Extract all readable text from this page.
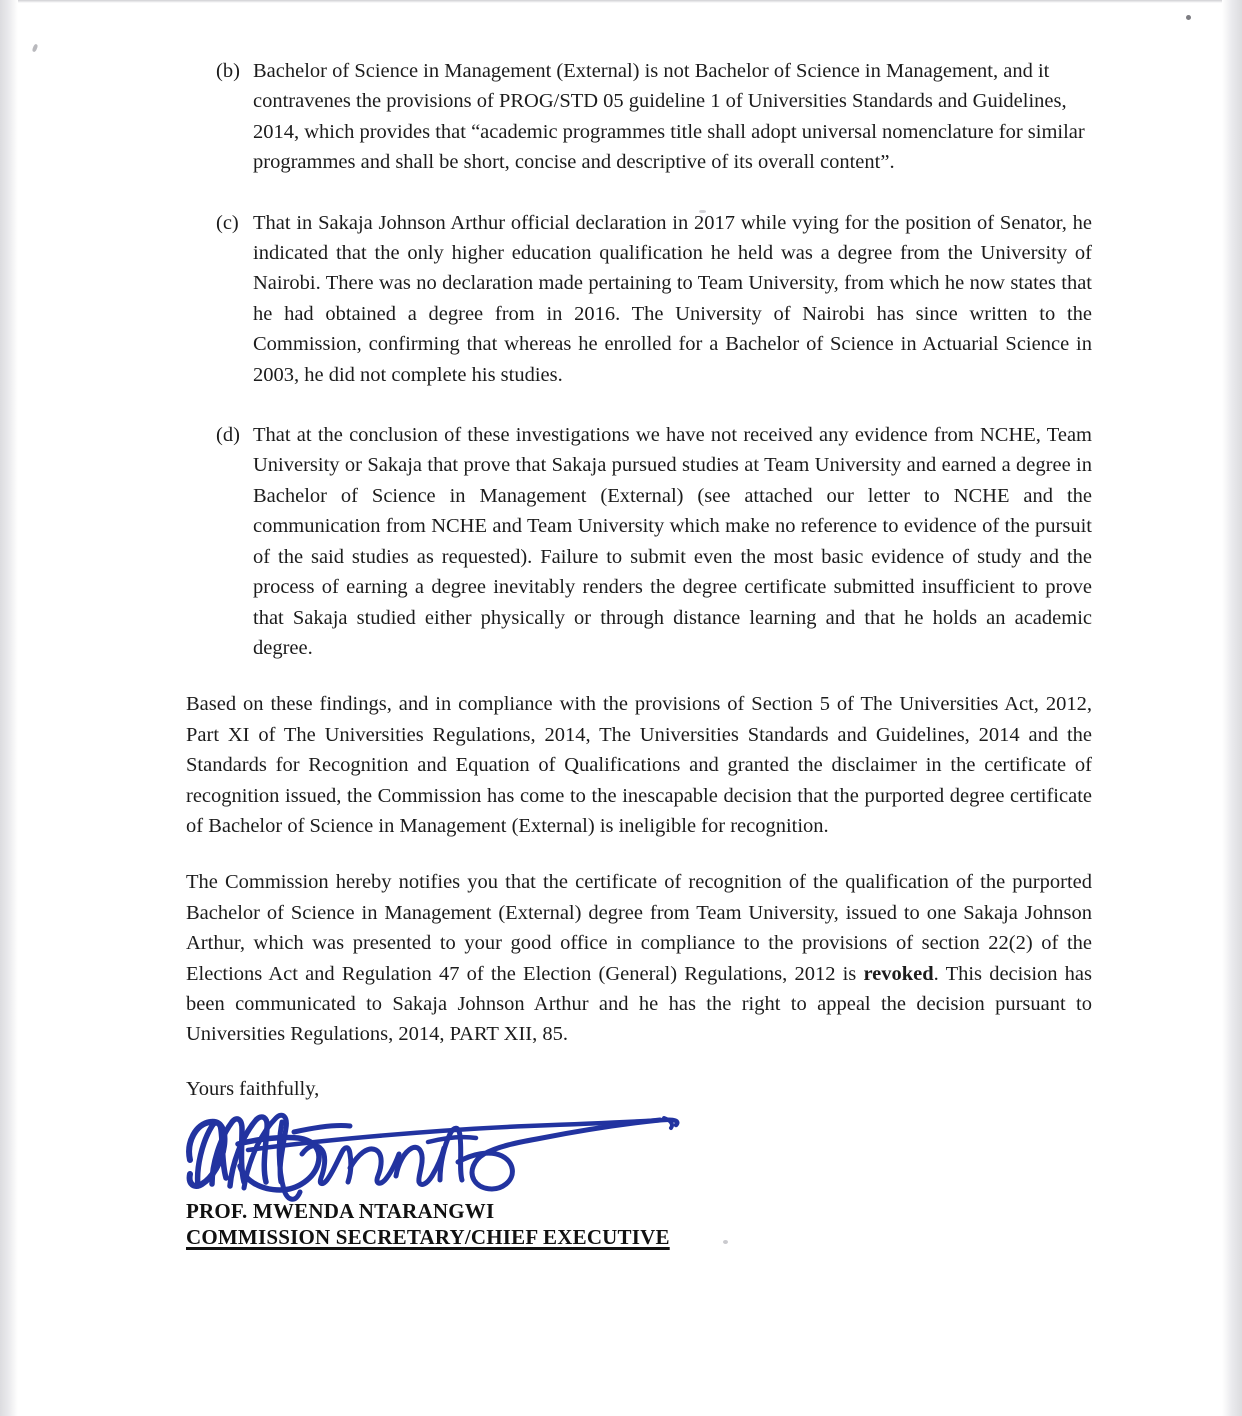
(b) Bachelor of Science in Management (External) is not Bachelor of Science in Management, and it contravenes the provisions of PROG/STD 05 guideline 1 of Universities Standards and Guidelines, 2014, which provides that “academic programmes title shall adopt universal nomenclature for similar programmes and shall be short, concise and descriptive of its overall content”.
(c) That in Sakaja Johnson Arthur official declaration in 2017 while vying for the position of Senator, he indicated that the only higher education qualification he held was a degree from the University of Nairobi. There was no declaration made pertaining to Team University, from which he now states that he had obtained a degree from in 2016. The University of Nairobi has since written to the Commission, confirming that whereas he enrolled for a Bachelor of Science in Actuarial Science in 2003, he did not complete his studies.
(d) That at the conclusion of these investigations we have not received any evidence from NCHE, Team University or Sakaja that prove that Sakaja pursued studies at Team University and earned a degree in Bachelor of Science in Management (External) (see attached our letter to NCHE and the communication from NCHE and Team University which make no reference to evidence of the pursuit of the said studies as requested). Failure to submit even the most basic evidence of study and the process of earning a degree inevitably renders the degree certificate submitted insufficient to prove that Sakaja studied either physically or through distance learning and that he holds an academic degree.

Based on these findings, and in compliance with the provisions of Section 5 of The Universities Act, 2012, Part XI of The Universities Regulations, 2014, The Universities Standards and Guidelines, 2014 and the Standards for Recognition and Equation of Qualifications and granted the disclaimer in the certificate of recognition issued, the Commission has come to the inescapable decision that the purported degree certificate of Bachelor of Science in Management (External) is ineligible for recognition.

The Commission hereby notifies you that the certificate of recognition of the qualification of the purported Bachelor of Science in Management (External) degree from Team University, issued to one Sakaja Johnson Arthur, which was presented to your good office in compliance to the provisions of section 22(2) of the Elections Act and Regulation 47 of the Election (General) Regulations, 2012 is revoked. This decision has been communicated to Sakaja Johnson Arthur and he has the right to appeal the decision pursuant to Universities Regulations, 2014, PART XII, 85.

Yours faithfully,
PROF. MWENDA NTARANGWI
COMMISSION SECRETARY/CHIEF EXECUTIVE
